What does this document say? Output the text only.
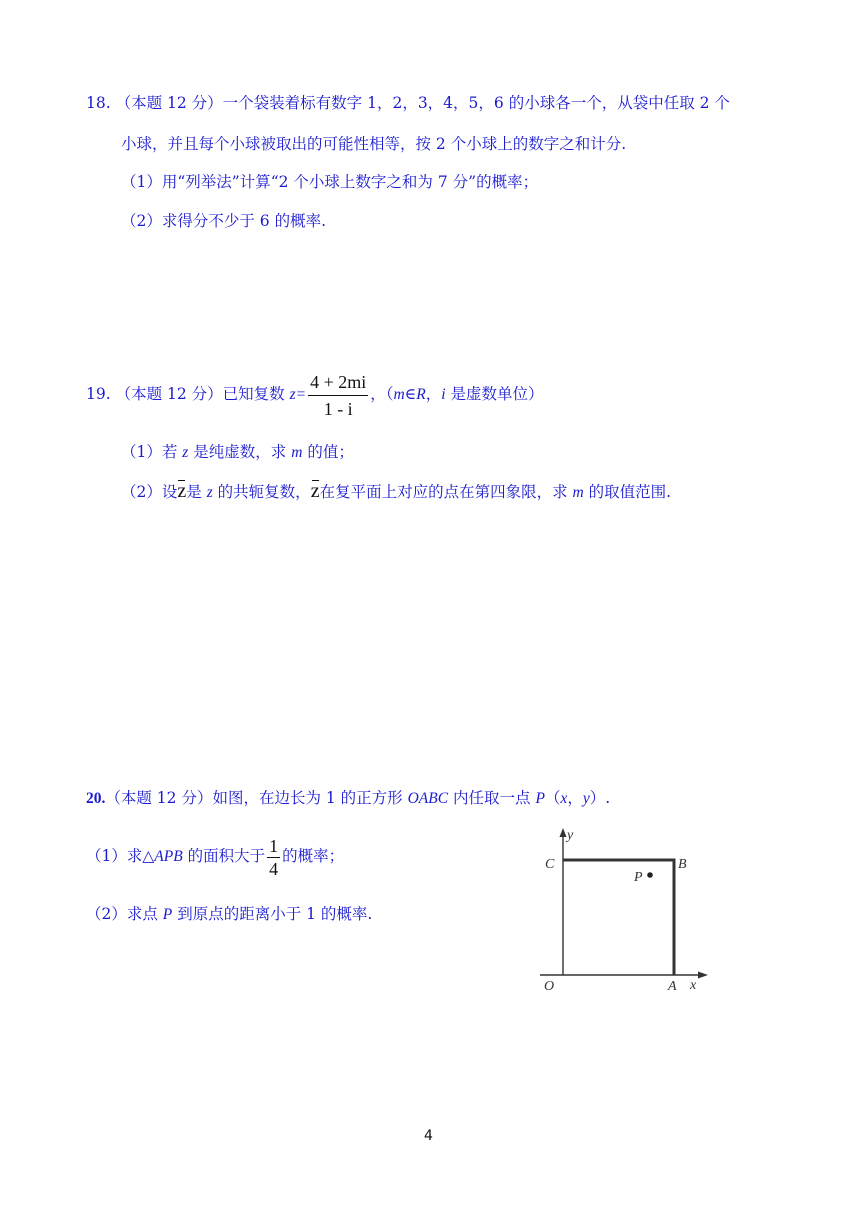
18. （本题 12 分）一个袋装着标有数字 1，2，3，4，5，6 的小球各一个，从袋中任取 2 个
小球，并且每个小球被取出的可能性相等，按 2 个小球上的数字之和计分.
（1）用“列举法”计算“2 个小球上数字之和为 7 分”的概率；
（2）求得分不少于 6 的概率.
19. （本题 12 分）已知复数 $z= \frac{4 + 2mi}{1 - i}$ ，（m∈R，i 是虚数单位）
（1）若 z 是纯虚数，求 m 的值；
（2）设z是 z 的共轭复数，z在复平面上对应的点在第四象限，求 m 的取值范围.
20.（本题 12 分）如图，在边长为 1 的正方形 OABC 内任取一点 P（x，y）.
（1）求△APB 的面积大于 $\frac{1}{4}$ 的概率；
（2）求点 P 到原点的距离小于 1 的概率.
y
x
C	B
P
O	A
4
